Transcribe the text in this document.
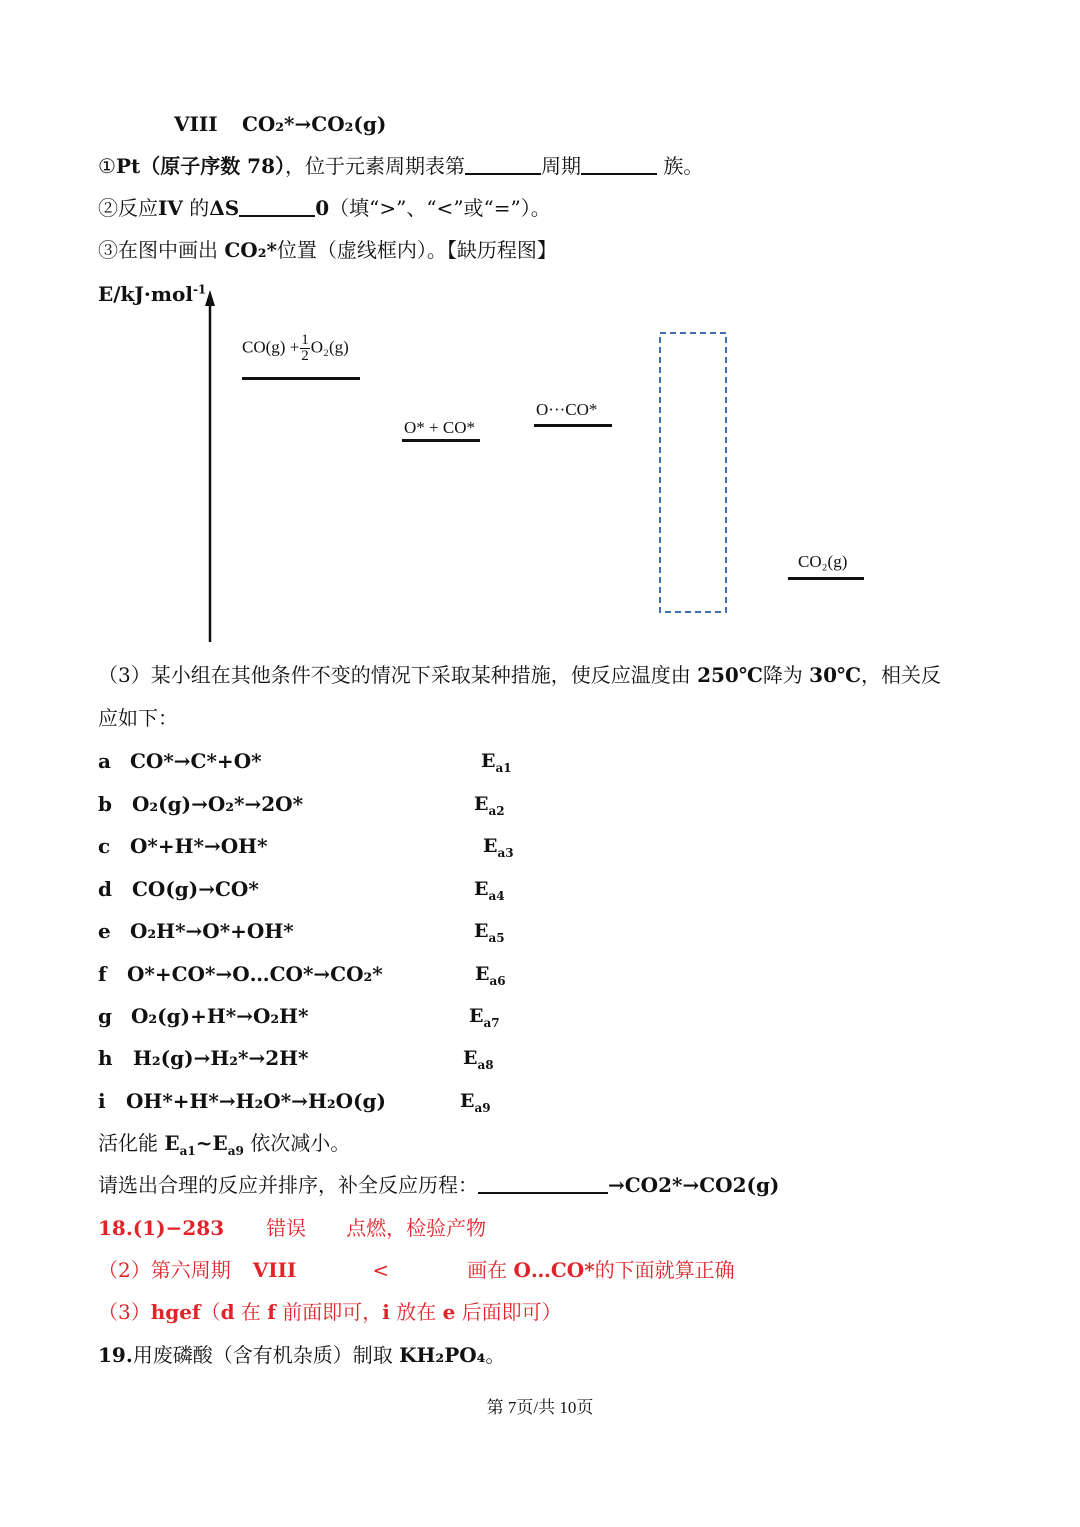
VIII CO₂*→CO₂(g)
①Pt（原子序数 78），位于元素周期表第	周期	族。
②反应IV 的ΔS	0（填“>”、“<”或“=”）。
③在图中画出 CO₂*位置（虚线框内）。【缺历程图】
E/kJ·mol$^{-1}$
$CO(g) + \frac{1}{2} O_2(g)$
O* + CO*
O···CO*
CO₂(g)
（3）某小组在其他条件不变的情况下采取某种措施，使反应温度由 250℃降为 30℃，相关反
应如下：
a CO*→C*+O*	$E_{a1}$
b O₂(g)→O₂*→2O*	$E_{a2}$
c O*+H*→OH*	$E_{a3}$
d CO(g)→CO*	$E_{a4}$
e O₂H*→O*+OH*	$E_{a5}$
f O*+CO*→O…CO*→CO₂*	$E_{a6}$
g O₂(g)+H*→O₂H*	$E_{a7}$
h H₂(g)→H₂*→2H*	$E_{a8}$
i OH*+H*→H₂O*→H₂O(g)	$E_{a9}$
活化能 $E_{a1}\sim E_{a9}$ 依次减小。
请选出合理的反应并排序，补全反应历程：	→CO2*→CO2(g)
18.(1)−283 错误 点燃，检验产物
（2）第六周期 VIII	<	画在 O…CO*的下面就算正确
（3）hgef（d 在 f 前面即可，i 放在 e 后面即可）
19.用废磷酸（含有机杂质）制取 KH₂PO₄。
第 7页/共 10页
